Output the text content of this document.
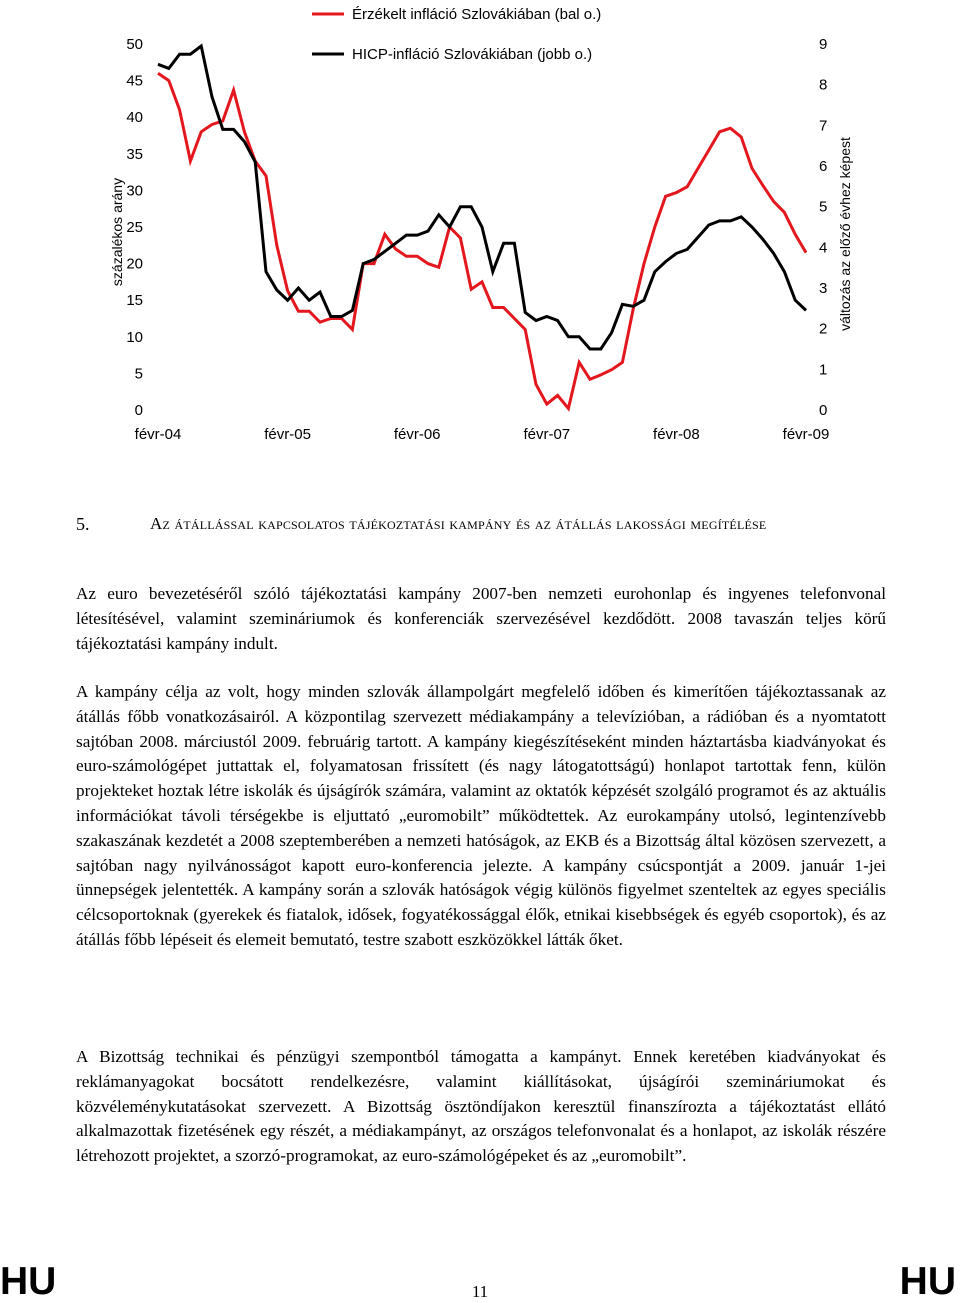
0
5
10
15
20
25
30
35
40
45
50
0
1
2
3
4
5
6
7
8
9
févr-04	févr-05	févr-06	févr-07	févr-08	févr-09
százalékos arány	változás az előző évhez képest
Érzékelt infláció Szlovákiában (bal o.)
HICP-infláció Szlovákiában (jobb o.)
5.	Az átállással kapcsolatos tájékoztatási kampány és az átállás lakossági megítélése

Az euro bevezetéséről szóló tájékoztatási kampány 2007-ben nemzeti eurohonlap és ingyenes telefonvonal létesítésével, valamint szemináriumok és konferenciák szervezésével kezdődött. 2008 tavaszán teljes körű tájékoztatási kampány indult.

A kampány célja az volt, hogy minden szlovák állampolgárt megfelelő időben és kimerítően tájékoztassanak az átállás főbb vonatkozásairól. A központilag szervezett médiakampány a televízióban, a rádióban és a nyomtatott sajtóban 2008. márciustól 2009. februárig tartott. A kampány kiegészítéseként minden háztartásba kiadványokat és euro-számológépet juttattak el, folyamatosan frissített (és nagy látogatottságú) honlapot tartottak fenn, külön projekteket hoztak létre iskolák és újságírók számára, valamint az oktatók képzését szolgáló programot és az aktuális információkat távoli térségekbe is eljuttató „euromobilt” működtettek. Az eurokampány utolsó, legintenzívebb szakaszának kezdetét a 2008 szeptemberében a nemzeti hatóságok, az EKB és a Bizottság által közösen szervezett, a sajtóban nagy nyilvánosságot kapott euro-konferencia jelezte. A kampány csúcspontját a 2009. január 1-jei ünnepségek jelentették. A kampány során a szlovák hatóságok végig különös figyelmet szenteltek az egyes speciális célcsoportoknak (gyerekek és fiatalok, idősek, fogyatékossággal élők, etnikai kisebbségek és egyéb csoportok), és az átállás főbb lépéseit és elemeit bemutató, testre szabott eszközökkel látták őket.

A Bizottság technikai és pénzügyi szempontból támogatta a kampányt. Ennek keretében kiadványokat és reklámanyagokat bocsátott rendelkezésre, valamint kiállításokat, újságírói szemináriumokat és közvéleménykutatásokat szervezett. A Bizottság ösztöndíjakon keresztül finanszírozta a tájékoztatást ellátó alkalmazottak fizetésének egy részét, a médiakampányt, az országos telefonvonalat és a honlapot, az iskolák részére létrehozott projektet, a szorzó-programokat, az euro-számológépeket és az „euromobilt”.

HU	HU
11
